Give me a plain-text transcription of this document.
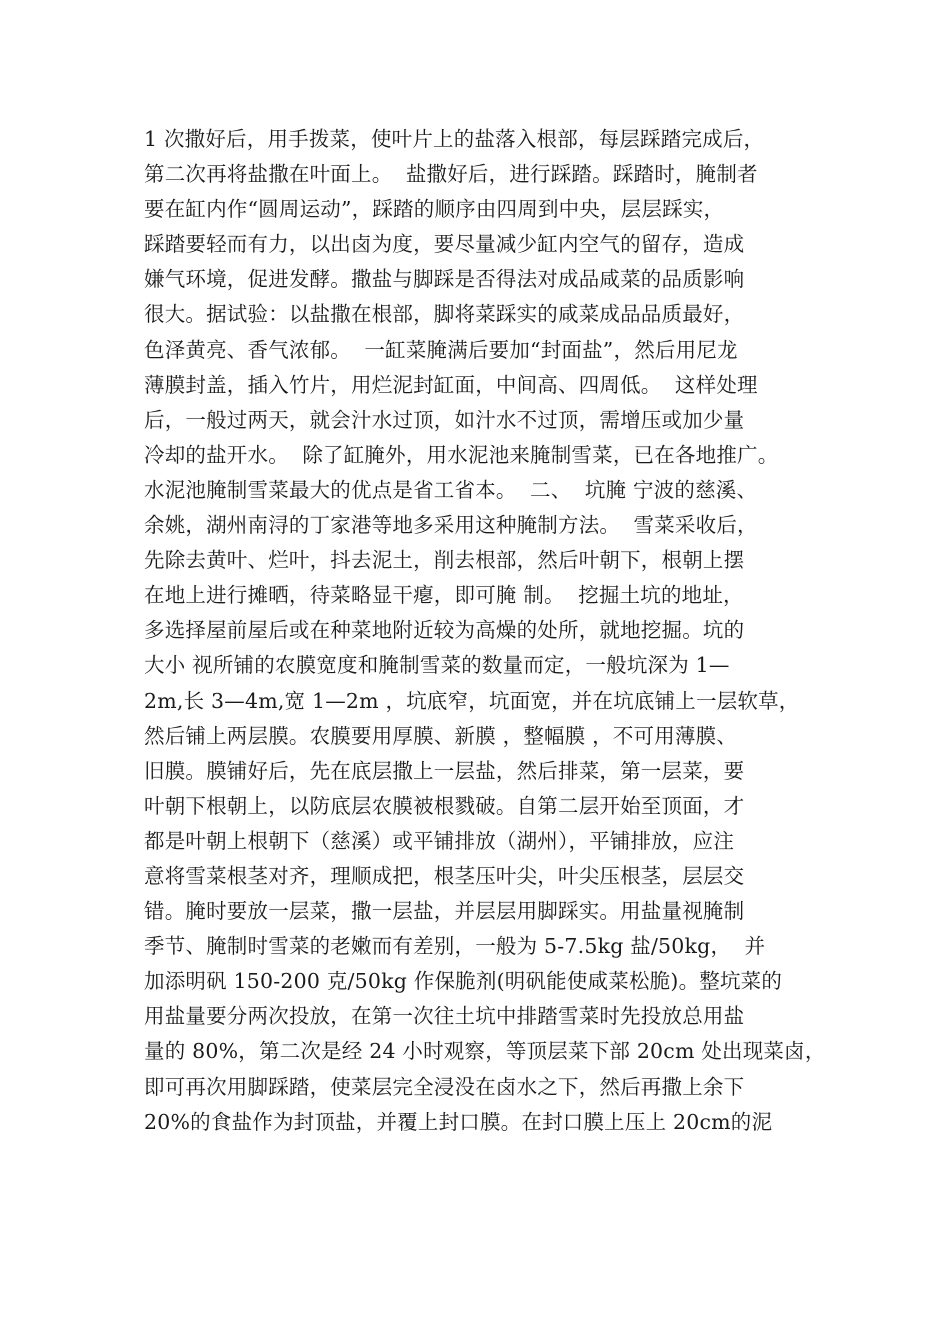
1 次撒好后，用手拨菜，使叶片上的盐落入根部，每层踩踏完成后，
第二次再将盐撒在叶面上。  盐撒好后，进行踩踏。踩踏时，腌制者
要在缸内作“圆周运动”，踩踏的顺序由四周到中央，层层踩实，
踩踏要轻而有力，以出卤为度，要尽量减少缸内空气的留存，造成
嫌气环境，促进发酵。撒盐与脚踩是否得法对成品咸菜的品质影响
很大。据试验：以盐撒在根部，脚将菜踩实的咸菜成品品质最好，
色泽黄亮、香气浓郁。  一缸菜腌满后要加“封面盐”，然后用尼龙
薄膜封盖，插入竹片，用烂泥封缸面，中间高、四周低。  这样处理
后，一般过两天，就会汁水过顶，如汁水不过顶，需增压或加少量
冷却的盐开水。  除了缸腌外，用水泥池来腌制雪菜，已在各地推广。
水泥池腌制雪菜最大的优点是省工省本。  二、  坑腌 宁波的慈溪、
余姚，湖州南浔的丁家港等地多采用这种腌制方法。  雪菜采收后，
先除去黄叶、烂叶，抖去泥土，削去根部，然后叶朝下，根朝上摆
在地上进行摊晒，待菜略显干瘪，即可腌 制。  挖掘土坑的地址，
多选择屋前屋后或在种菜地附近较为高燥的处所，就地挖掘。坑的
大小 视所铺的农膜宽度和腌制雪菜的数量而定，一般坑深为 1—
2m,长 3—4m,宽 1—2m ，坑底窄，坑面宽，并在坑底铺上一层软草，
然后铺上两层膜。农膜要用厚膜、新膜 ，整幅膜 ，不可用薄膜、
旧膜。膜铺好后，先在底层撒上一层盐，然后排菜，第一层菜，要
叶朝下根朝上，以防底层农膜被根戮破。自第二层开始至顶面，才
都是叶朝上根朝下（慈溪）或平铺排放（湖州），平铺排放，应注
意将雪菜根茎对齐，理顺成把，根茎压叶尖，叶尖压根茎，层层交
错。腌时要放一层菜，撒一层盐，并层层用脚踩实。用盐量视腌制
季节、腌制时雪菜的老嫩而有差别，一般为 5-7.5kg 盐/50kg，  并
加添明矾 150-200 克/50kg 作保脆剂(明矾能使咸菜松脆)。整坑菜的
用盐量要分两次投放，在第一次往土坑中排踏雪菜时先投放总用盐
量的 80%，第二次是经 24 小时观察，等顶层菜下部 20cm 处出现菜卤，
即可再次用脚踩踏，使菜层完全浸没在卤水之下，然后再撒上余下
20%的食盐作为封顶盐，并覆上封口膜。在封口膜上压上 20cm的泥
